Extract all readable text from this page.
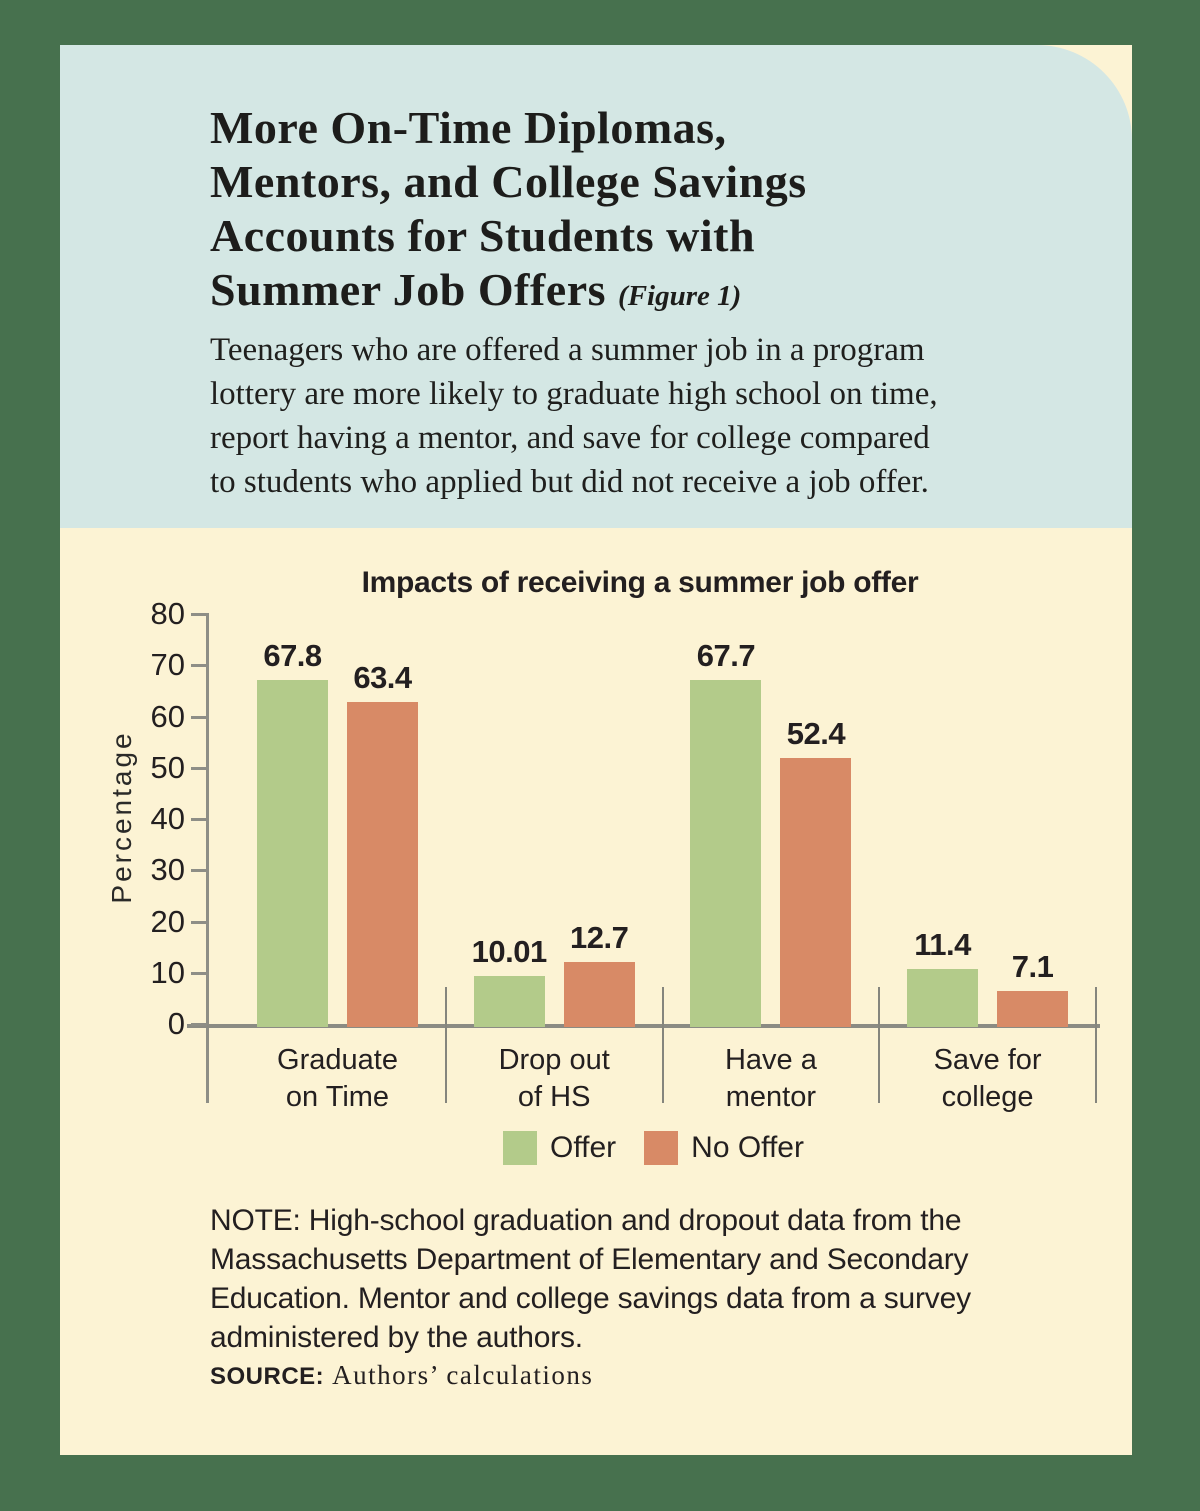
More On-Time Diplomas,
Mentors, and College Savings
Accounts for Students with
Summer Job Offers (Figure 1)
Teenagers who are offered a summer job in a program
lottery are more likely to graduate high school on time,
report having a mentor, and save for college compared
to students who applied but did not receive a job offer.
Impacts of receiving a summer job offer
Percentage
0
10
20
30
40
50
60
70
80
67.8
10.01
67.7
11.4
63.4
12.7
52.4
7.1
Graduate
on Time
Drop out
of HS
Have a
mentor
Save for
college
Offer	No Offer
NOTE: High-school graduation and dropout data from the
Massachusetts Department of Elementary and Secondary
Education. Mentor and college savings data from a survey
administered by the authors.
SOURCE: Authors’ calculations
